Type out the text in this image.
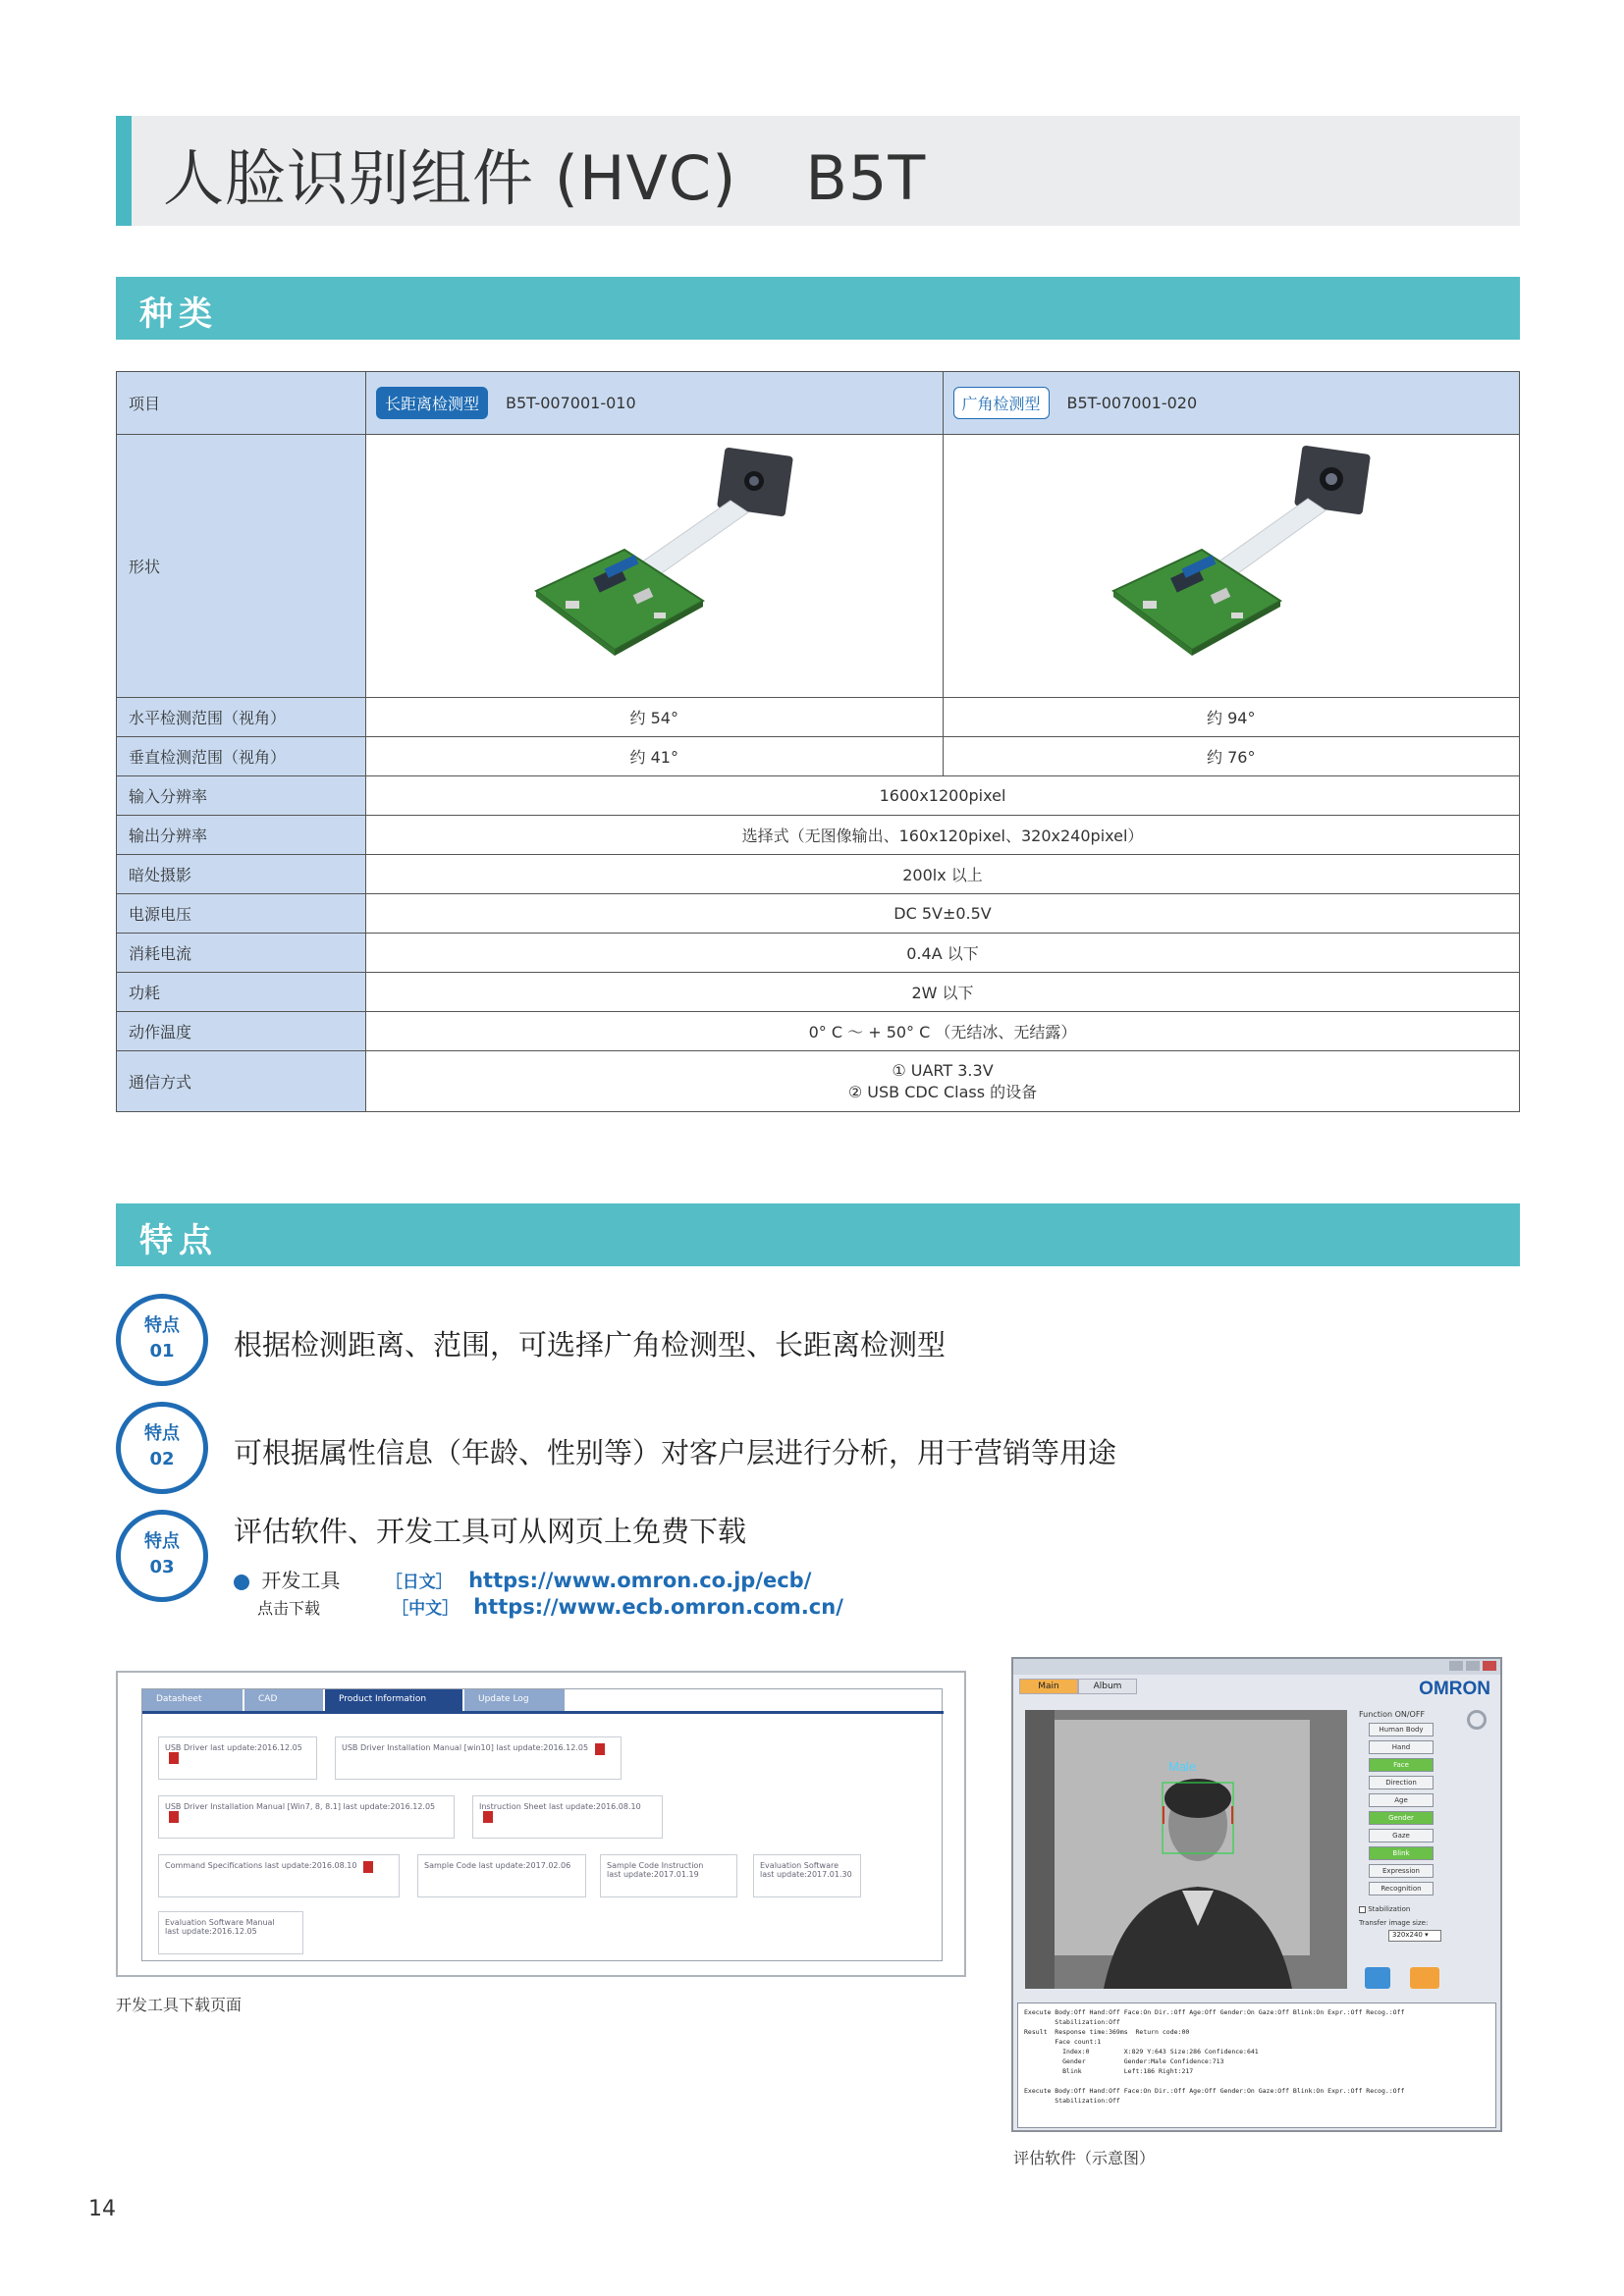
人脸识别组件 (HVC) B5T
种类
项目	长距离检测型 B5T-007001-010	广角检测型 B5T-007001-020

形状	

水平检测范围（视角）	约 54°	约 94°
垂直检测范围（视角）	约 41°	约 76°
输入分辨率	1600x1200pixel	
输出分辨率	选择式（无图像输出、160x120pixel、320x240pixel）	
暗处摄影	200lx 以上	
电源电压	DC 5V±0.5V	
消耗电流	0.4A 以下	
功耗	2W 以下	
动作温度	0° C ～ + 50° C （无结冰、无结露）	
通信方式	① UART 3.3V
② USB CDC Class 的设备	
特点
特点
01	根据检测距离、范围，可选择广角检测型、长距离检测型
特点
02	可根据属性信息（年龄、性别等）对客户层进行分析，用于营销等用途
特点
03
评估软件、开发工具可从网页上免费下载
开发工具	［日文］ https://www.omron.co.jp/ecb/
点击下载	［中文］ https://www.ecb.omron.com.cn/
Datasheet	CAD	Product Information	Update Log
USB Driver last update:2016.12.05	USB Driver Installation Manual [win10] last update:2016.12.05
USB Driver Installation Manual [Win7, 8, 8.1] last update:2016.12.05	Instruction Sheet last update:2016.08.10
Command Specifications last update:2016.08.10	Sample Code last update:2017.02.06	Sample Code Instruction
last update:2017.01.19
Evaluation Software
last update:2017.01.30
Evaluation Software Manual
last update:2016.12.05
开发工具下载页面
Main	Album	OMRON
Male
Function ON/OFF
Human Body
Hand
Face
Direction
Age
Gender
Gaze
Blink
Expression
Recognition
Stabilization
Transfer image size:
320x240 ▾
Execute Body:Off Hand:Off Face:On Dir.:Off Age:Off Gender:On Gaze:Off Blink:On Expr.:Off Recog.:Off
Stabilization:Off
Result  Response time:369ms  Return code:00
Face count:1
Index:0         X:829 Y:643 Size:286 Confidence:641
Gender          Gender:Male Confidence:713
Blink           Left:186 Right:217

Execute Body:Off Hand:Off Face:On Dir.:Off Age:Off Gender:On Gaze:Off Blink:On Expr.:Off Recog.:Off
Stabilization:Off
评估软件（示意图）
14
